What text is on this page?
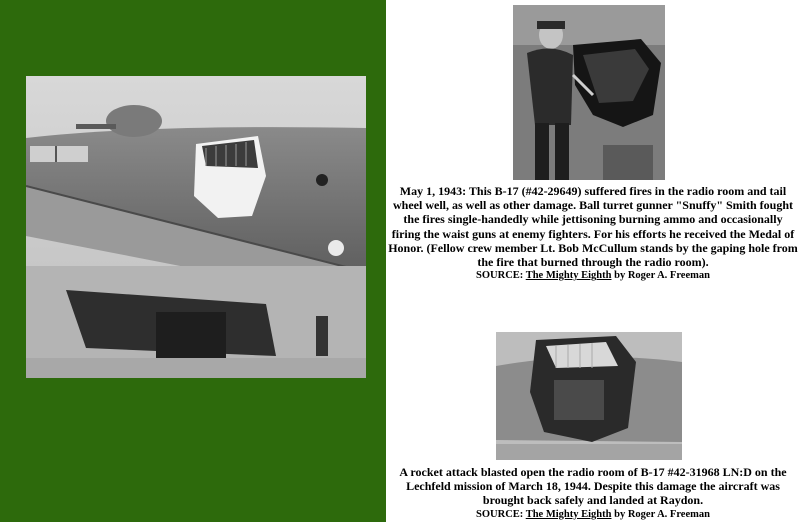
May 1, 1943: This B-17 (#42-29649) suffered fires in the radio room and tail wheel well, as well as other damage. Ball turret gunner "Snuffy" Smith fought the fires single-handedly while jettisoning burning ammo and occasionally firing the waist guns at enemy fighters. For his efforts he received the Medal of Honor. (Fellow crew member Lt. Bob McCullum stands by the gaping hole from the fire that burned through the radio room).
SOURCE: The Mighty Eighth by Roger A. Freeman
A rocket attack blasted open the radio room of B-17 #42-31968 LN:D on the Lechfeld mission of March 18, 1944. Despite this damage the aircraft was brought back safely and landed at Raydon.
SOURCE: The Mighty Eighth by Roger A. Freeman
